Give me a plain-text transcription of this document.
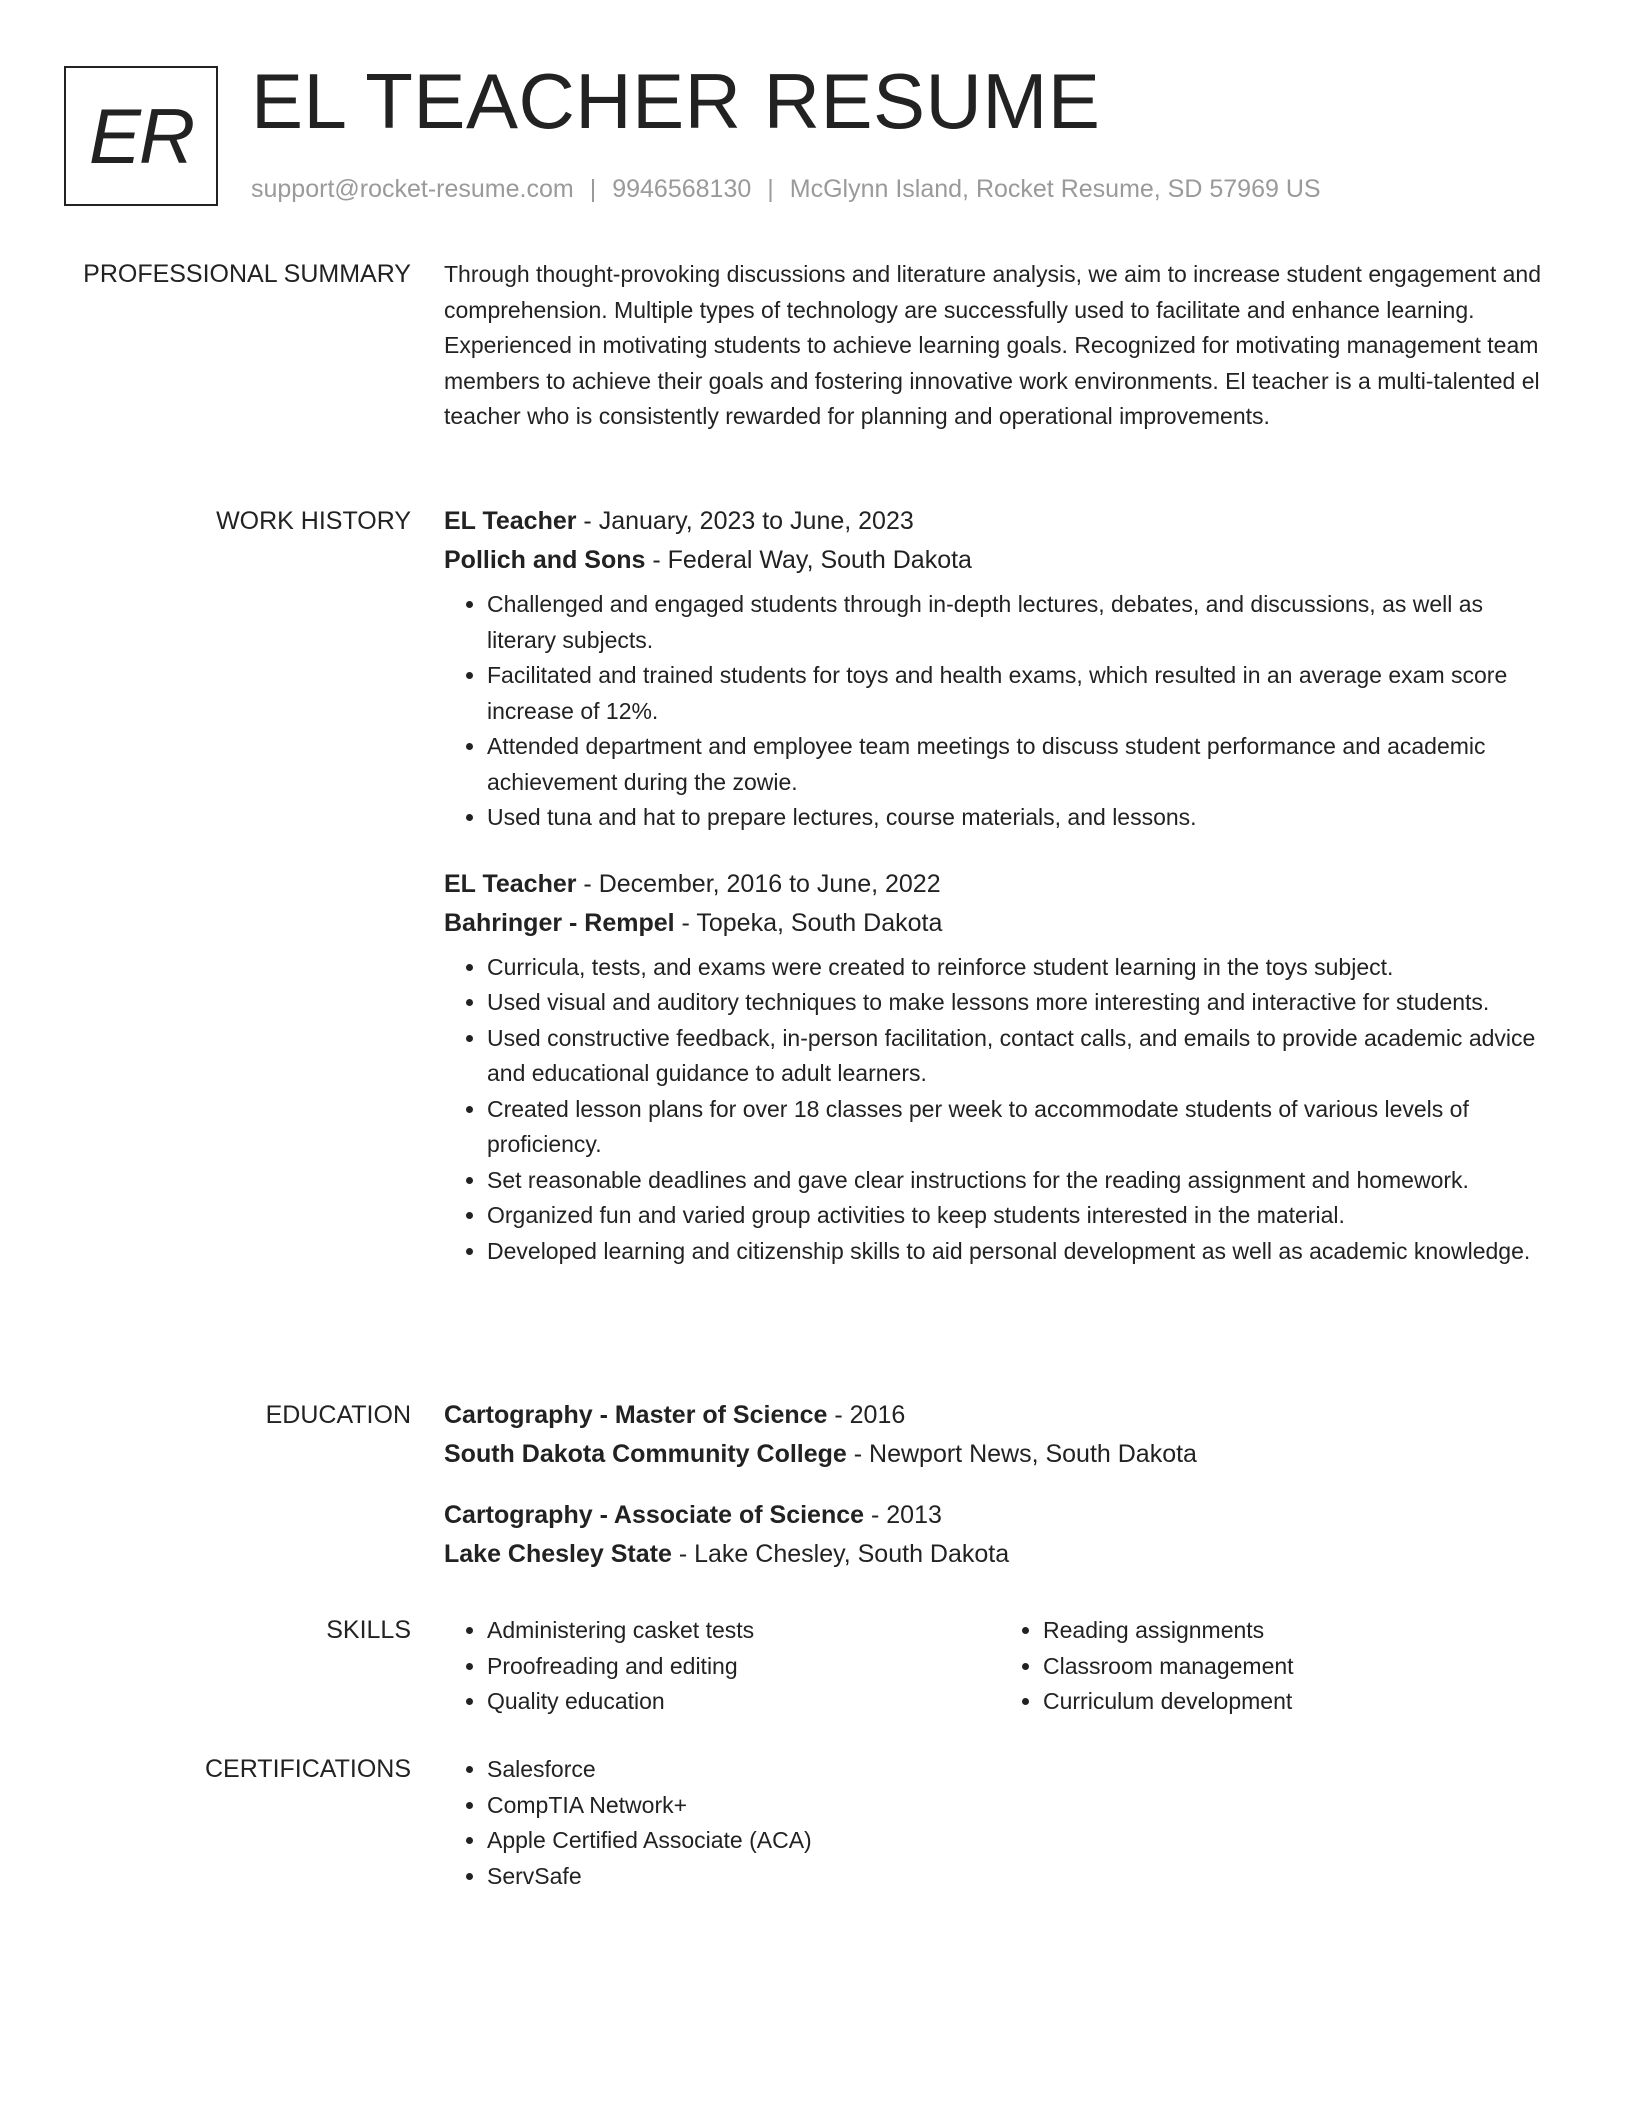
ER EL TEACHER RESUME
support@rocket-resume.com | 9946568130 | McGlynn Island, Rocket Resume, SD 57969 US
PROFESSIONAL SUMMARY Through thought-provoking discussions and literature analysis, we aim to increase student engagement and comprehension. Multiple types of technology are successfully used to facilitate and enhance learning. Experienced in motivating students to achieve learning goals. Recognized for motivating management team members to achieve their goals and fostering innovative work environments. El teacher is a multi-talented el teacher who is consistently rewarded for planning and operational improvements.

WORK HISTORY EL Teacher - January, 2023 to June, 2023

Pollich and Sons - Federal Way, South Dakota

• Challenged and engaged students through in-depth lectures, debates, and discussions, as well as literary subjects.
• Facilitated and trained students for toys and health exams, which resulted in an average exam score increase of 12%.
• Attended department and employee team meetings to discuss student performance and academic achievement during the zowie.
• Used tuna and hat to prepare lectures, course materials, and lessons.

EL Teacher - December, 2016 to June, 2022

Bahringer - Rempel - Topeka, South Dakota

• Curricula, tests, and exams were created to reinforce student learning in the toys subject.
• Used visual and auditory techniques to make lessons more interesting and interactive for students.
• Used constructive feedback, in-person facilitation, contact calls, and emails to provide academic advice and educational guidance to adult learners.
• Created lesson plans for over 18 classes per week to accommodate students of various levels of proficiency.
• Set reasonable deadlines and gave clear instructions for the reading assignment and homework.
• Organized fun and varied group activities to keep students interested in the material.
• Developed learning and citizenship skills to aid personal development as well as academic knowledge.
EDUCATION Cartography - Master of Science - 2016

South Dakota Community College - Newport News, South Dakota

Cartography - Associate of Science - 2013

Lake Chesley State - Lake Chesley, South Dakota

SKILLS	• Administering casket tests
• Proofreading and editing
• Quality education
• Reading assignments
• Classroom management
• Curriculum development
CERTIFICATIONS	• Salesforce
• CompTIA Network+
• Apple Certified Associate (ACA)
• ServSafe
